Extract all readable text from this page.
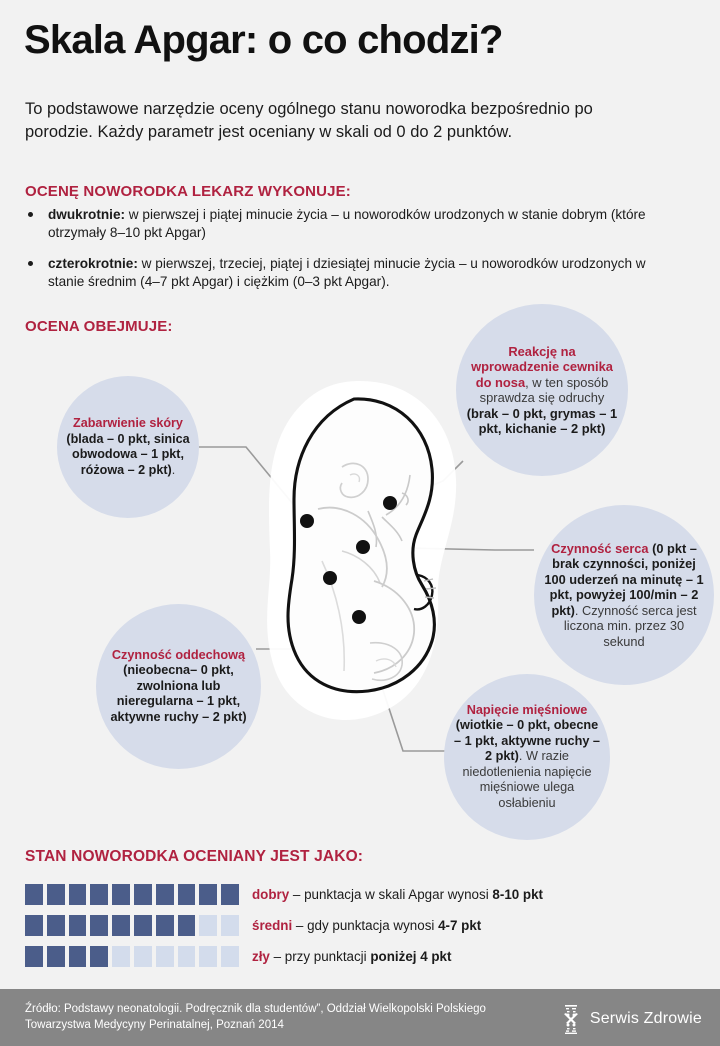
Skala Apgar: o co chodzi?

To podstawowe narzędzie oceny ogólnego stanu noworodka bezpośrednio po porodzie. Każdy parametr jest oceniany w skali od 0 do 2 punktów.

OCENĘ NOWORODKA LEKARZ WYKONUJE:
dwukrotnie: w pierwszej i piątej minucie życia – u noworodków urodzonych w stanie dobrym (które otrzymały 8–10 pkt Apgar)
czterokrotnie: w pierwszej, trzeciej, piątej i dziesiątej minucie życia – u noworodków urodzonych w stanie średnim (4–7 pkt Apgar) i ciężkim (0–3 pkt Apgar).
OCENA OBEJMUJE:
Zabarwienie skóry (blada – 0 pkt, sinica obwodowa – 1 pkt, różowa – 2 pkt).
Reakcję na wprowadzenie cewnika do nosa, w ten sposób sprawdza się odruchy (brak – 0 pkt, grymas – 1 pkt, kichanie – 2 pkt)
Czynność serca (0 pkt – brak czynności, poniżej 100 uderzeń na minutę – 1 pkt, powyżej 100/min – 2 pkt). Czynność serca jest liczona min. przez 30 sekund
Czynność oddechową (nieobecna– 0 pkt, zwolniona lub nieregularna – 1 pkt, aktywne ruchy – 2 pkt)	Napięcie mięśniowe (wiotkie – 0 pkt, obecne – 1 pkt, aktywne ruchy – 2 pkt). W razie niedotlenienia napięcie mięśniowe ulega osłabieniu
STAN NOWORODKA OCENIANY JEST JAKO:
dobry – punktacja w skali Apgar wynosi 8-10 pkt
średni – gdy punktacja wynosi 4-7 pkt
zły – przy punktacji poniżej 4 pkt
Źródło: Podstawy neonatologii. Podręcznik dla studentów”, Oddział Wielkopolski Polskiego Towarzystwa Medycyny Perinatalnej, Poznań 2014	Serwis Zdrowie
